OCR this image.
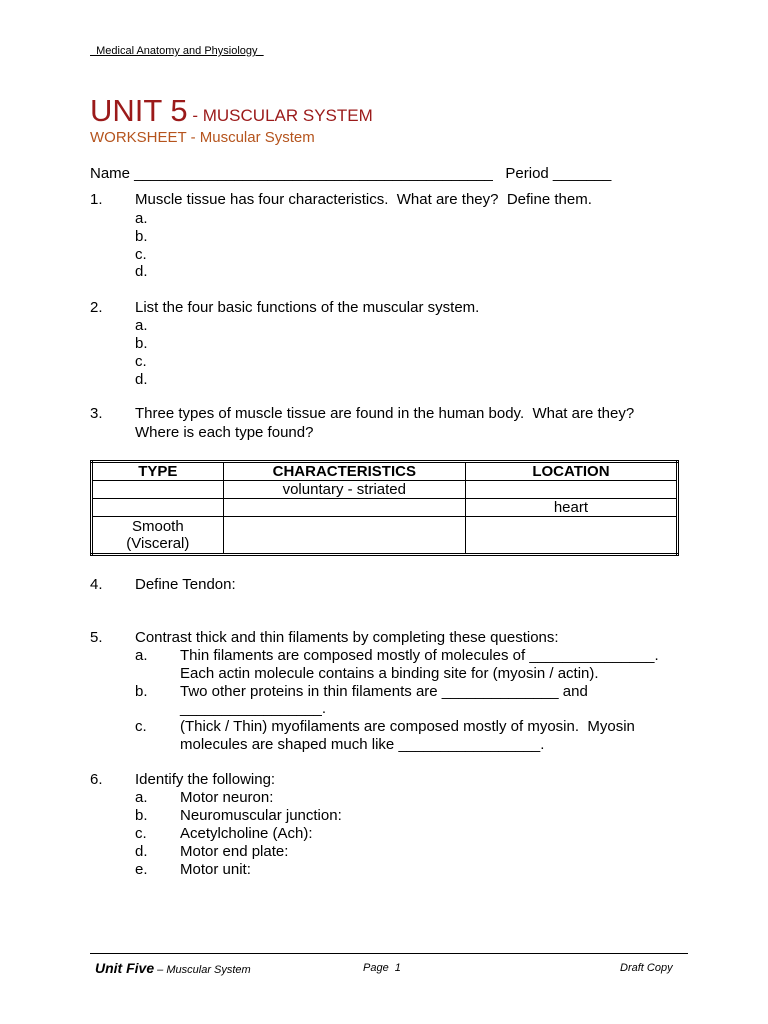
Medical Anatomy and Physiology
UNIT 5 - MUSCULAR SYSTEM
WORKSHEET - Muscular System
Name ___________________________________________   Period _______
1. Muscle tissue has four characteristics.  What are they?  Define them.
a.
b.
c.
d.
2. List the four basic functions of the muscular system.
a.
b.
c.
d.
3. Three types of muscle tissue are found in the human body.  What are they?
Where is each type found?
TYPE	CHARACTERISTICS	LOCATION
	voluntary - striated	
		heart
Smooth
(Visceral)		
4. Define Tendon:
5. Contrast thick and thin filaments by completing these questions:
a. Thin filaments are composed mostly of molecules of _______________.
Each actin molecule contains a binding site for (myosin / actin).
b. Two other proteins in thin filaments are ______________ and
_________________.
c. (Thick / Thin) myofilaments are composed mostly of myosin.  Myosin
molecules are shaped much like _________________.
6. Identify the following:
a. Motor neuron:
b. Neuromuscular junction:
c. Acetylcholine (Ach):
d. Motor end plate:
e. Motor unit:
Unit Five – Muscular System	Page  1	Draft Copy
